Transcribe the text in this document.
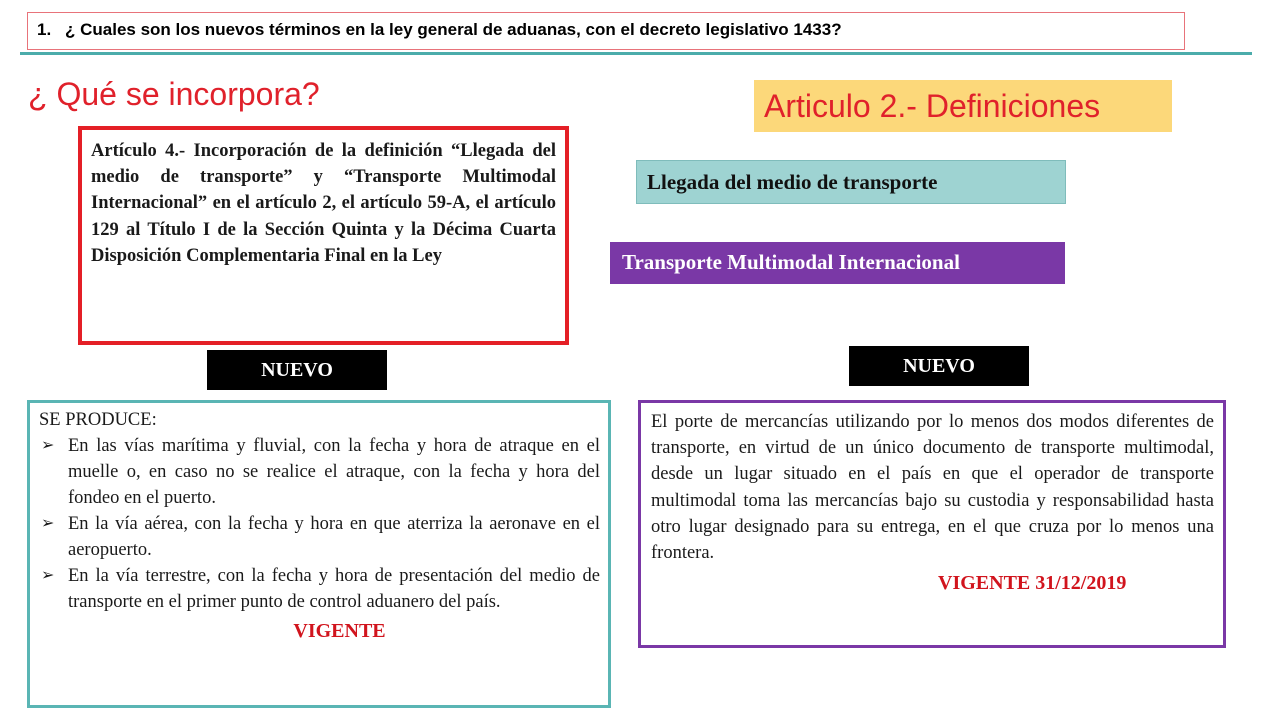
1. ¿ Cuales son los nuevos términos en la ley general de aduanas, con el decreto legislativo 1433?
¿ Qué se incorpora?	Articulo 2.- Definiciones
Artículo 4.- Incorporación de la definición “Llegada del medio de transporte” y “Transporte Multimodal Internacional” en el artículo 2, el artículo 59-A, el artículo 129 al Título I de la Sección Quinta y la Décima Cuarta Disposición Complementaria Final en la Ley
Llegada del medio de transporte
Transporte Multimodal Internacional
NUEVO	NUEVO
SE PRODUCE:
➢ En las vías marítima y fluvial, con la fecha y hora de atraque en el muelle o, en caso no se realice el atraque, con la fecha y hora del fondeo en el puerto.
➢ En la vía aérea, con la fecha y hora en que aterriza la aeronave en el aeropuerto.
➢ En la vía terrestre, con la fecha y hora de presentación del medio de transporte en el primer punto de control aduanero del país.
VIGENTE
El porte de mercancías utilizando por lo menos dos modos diferentes de transporte, en virtud de un único documento de transporte multimodal, desde un lugar situado en el país en que el operador de transporte multimodal toma las mercancías bajo su custodia y responsabilidad hasta otro lugar designado para su entrega, en el que cruza por lo menos una frontera.
VIGENTE 31/12/2019
